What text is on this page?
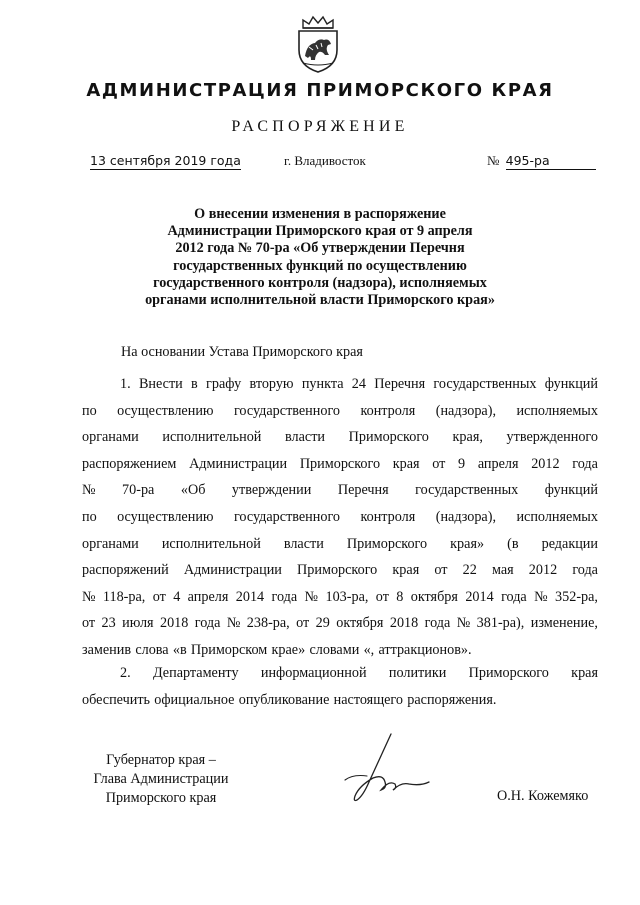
АДМИНИСТРАЦИЯ ПРИМОРСКОГО КРАЯ
РАСПОРЯЖЕНИЕ
13 сентября 2019 года	г. Владивосток	№ 495-ра
О внесении изменения в распоряжение
Администрации Приморского края от 9 апреля
2012 года № 70-ра «Об утверждении Перечня
государственных функций по осуществлению
государственного контроля (надзора), исполняемых
органами исполнительной власти Приморского края»
На основании Устава Приморского края
1. Внести в графу вторую пункта 24 Перечня государственных функций
по осуществлению государственного контроля (надзора), исполняемых
органами исполнительной власти Приморского края, утвержденного
распоряжением Администрации Приморского края от 9 апреля 2012 года
№ 70-ра «Об утверждении Перечня государственных функций
по осуществлению государственного контроля (надзора), исполняемых
органами исполнительной власти Приморского края» (в редакции
распоряжений Администрации Приморского края от 22 мая 2012 года
№ 118-ра, от 4 апреля 2014 года № 103-ра, от 8 октября 2014 года № 352-ра,
от 23 июля 2018 года № 238-ра, от 29 октября 2018 года № 381-ра), изменение,
заменив слова «в Приморском крае» словами «, аттракционов».
2. Департаменту информационной политики Приморского края
обеспечить официальное опубликование настоящего распоряжения.
Губернатор края –
Глава Администрации
Приморского края	О.Н. Кожемяко
